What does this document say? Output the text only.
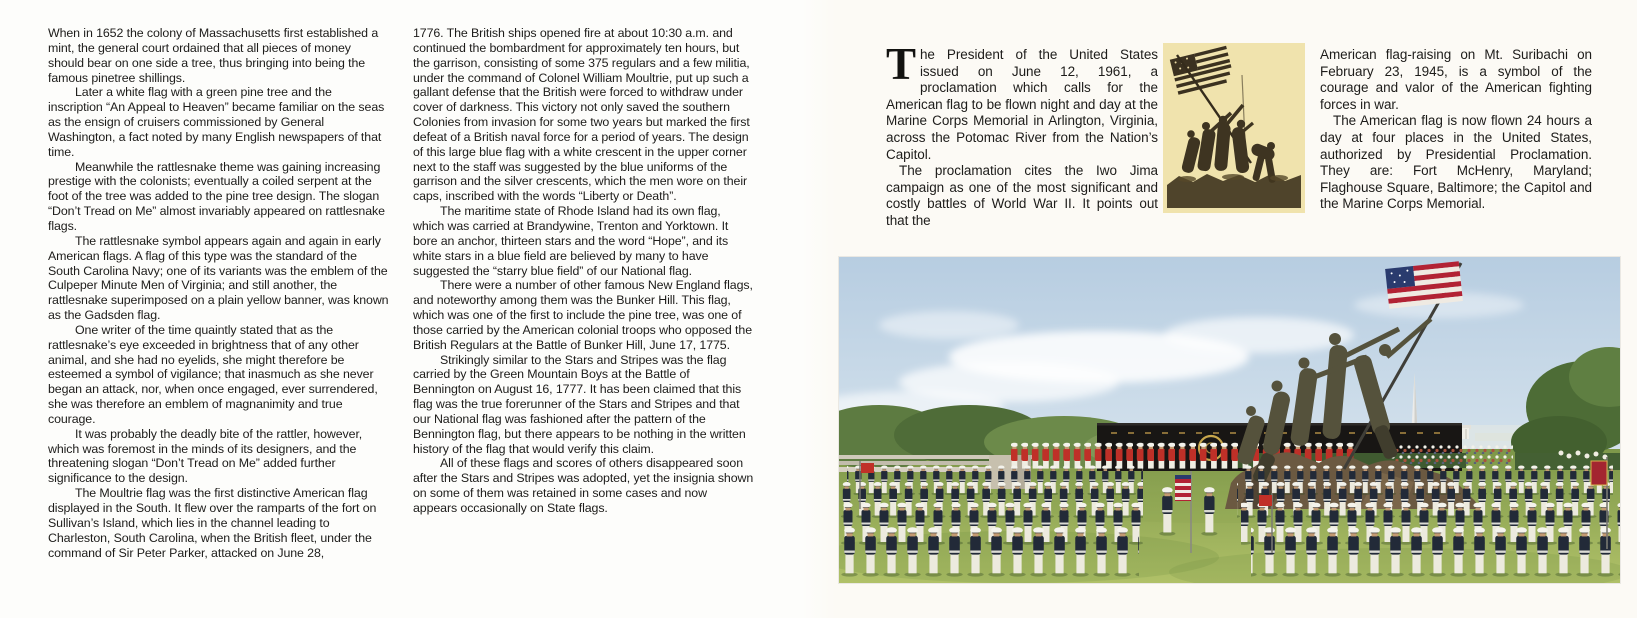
When in 1652 the colony of Massachusetts first established a mint, the general court ordained that all pieces of money should bear on one side a tree, thus bringing into being the famous pinetree shillings.

Later a white flag with a green pine tree and the inscription “An Appeal to Heaven” became familiar on the seas as the ensign of cruisers commissioned by General Washington, a fact noted by many English newspapers of that time.

Meanwhile the rattlesnake theme was gaining increasing prestige with the colonists; eventually a coiled serpent at the foot of the tree was added to the pine tree design. The slogan “Don’t Tread on Me” almost invariably appeared on rattlesnake flags.

The rattlesnake symbol appears again and again in early American flags. A flag of this type was the standard of the South Carolina Navy; one of its variants was the emblem of the Culpeper Minute Men of Virginia; and still another, the rattlesnake superimposed on a plain yellow banner, was known as the Gadsden flag.

One writer of the time quaintly stated that as the rattlesnake’s eye exceeded in brightness that of any other animal, and she had no eyelids, she might therefore be esteemed a symbol of vigilance; that inasmuch as she never began an attack, nor, when once engaged, ever surrendered, she was therefore an emblem of magnanimity and true courage.

It was probably the deadly bite of the rattler, however, which was foremost in the minds of its designers, and the threatening slogan “Don’t Tread on Me” added further significance to the design.

The Moultrie flag was the first distinctive American flag displayed in the South. It flew over the ramparts of the fort on Sullivan’s Island, which lies in the channel leading to Charleston, South Carolina, when the British fleet, under the command of Sir Peter Parker, attacked on June 28,

1776. The British ships opened fire at about 10:30 a.m. and continued the bombardment for approximately ten hours, but the garrison, consisting of some 375 regulars and a few militia, under the command of Colonel William Moultrie, put up such a gallant defense that the British were forced to withdraw under cover of darkness. This victory not only saved the southern Colonies from invasion for some two years but marked the first defeat of a British naval force for a period of years. The design of this large blue flag with a white crescent in the upper corner next to the staff was suggested by the blue uniforms of the garrison and the silver crescents, which the men wore on their caps, inscribed with the words “Liberty or Death”.

The maritime state of Rhode Island had its own flag, which was carried at Brandywine, Trenton and Yorktown. It bore an anchor, thirteen stars and the word “Hope”, and its white stars in a blue field are believed by many to have suggested the “starry blue field” of our National flag.

There were a number of other famous New England flags, and noteworthy among them was the Bunker Hill. This flag, which was one of the first to include the pine tree, was one of those carried by the American colonial troops who opposed the British Regulars at the Battle of Bunker Hill, June 17, 1775.

Strikingly similar to the Stars and Stripes was the flag carried by the Green Mountain Boys at the Battle of Bennington on August 16, 1777. It has been claimed that this flag was the true forerunner of the Stars and Stripes and that our National flag was fashioned after the pattern of the Bennington flag, but there appears to be nothing in the written history of the flag that would verify this claim.

All of these flags and scores of others disappeared soon after the Stars and Stripes was adopted, yet the insignia shown on some of them was retained in some cases and now appears occasionally on State flags.

The President of the United States issued on June 12, 1961, a proclamation which calls for the American flag to be flown night and day at the Marine Corps Memorial in Arlington, Virginia, across the Potomac River from the Nation’s Capitol.

The proclamation cites the Iwo Jima campaign as one of the most significant and costly battles of World War II. It points out that the

American flag-raising on Mt. Suribachi on February 23, 1945, is a symbol of the courage and valor of the American fighting forces in war.

The American flag is now flown 24 hours a day at four places in the United States, authorized by Presidential Proclamation. They are: Fort McHenry, Maryland; Flaghouse Square, Baltimore; the Capitol and the Marine Corps Memorial.
